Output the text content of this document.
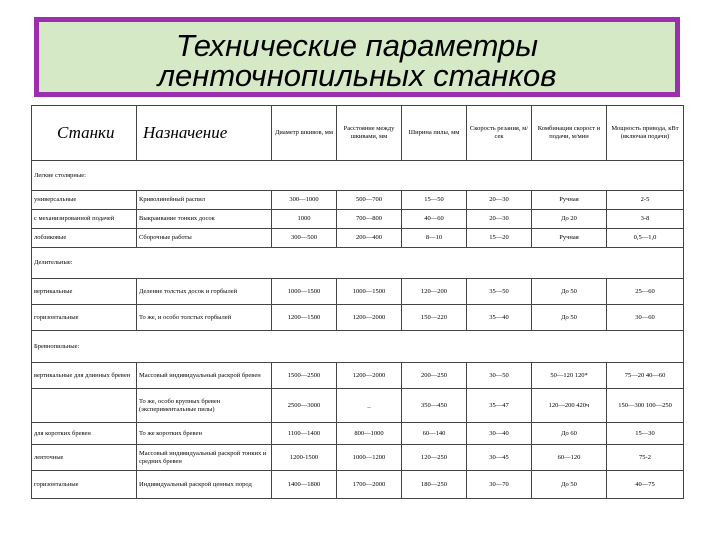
Технические параметры
ленточнопильных станков
Станки	Назначение	Диаметр шкивов, мм	Расстояние между шкивами, мм	Ширина пилы, мм	Скорость резания, м/сек	Комбинация скорост и подачи, м/мин	Мощность привода, кВт (включая подачи)
Легкие столярные:							
универсальные	Криволинейный распил	300—1000	500—700	15—50	20—30	Ручная	2-5
с механизированной подачей	Выкраивание тонких досок	1000	700—800	40—60	20—30	До 20	3-8
лобзиковые	Сборочные работы	300—500	200—400	8—10	15—20	Ручная	0,5—1,0
Делительные:							
вертикальные	Деление толстых досок и горбылей	1000—1500	1000—1500	120—200	35—50	До 50	25—60
горизонтальные	То же, и особо толстых горбылей	1200—1500	1200—2000	150—220	35—40	До 50	30—60
Бревнопильные:							
вертикальные для длинных бревен	Массовый индивидуальный раскрой бревен	1500—2500	1200—2000	200—250	30—50	50—120 120*	75—20 40—60
	То же, особо крупных бревен (экспериментальные пилы)	2500—3000	_	350—450	35—47	120—200 420ч	150—300 100—250
для коротких бревен	То же коротких бревен	1100—1400	800—1000	60—140	30—40	До 60	15—30
ленточные	Массовый индивидуальный раскрой тонких и средних бревен	1200-1500	1000—1200	120—250	30—45	60—120	75-2
горизонтальные	Индивидуальный раскрой ценных пород	1400—1800	1700—2000	180—250	30—70	До 50	40—75
